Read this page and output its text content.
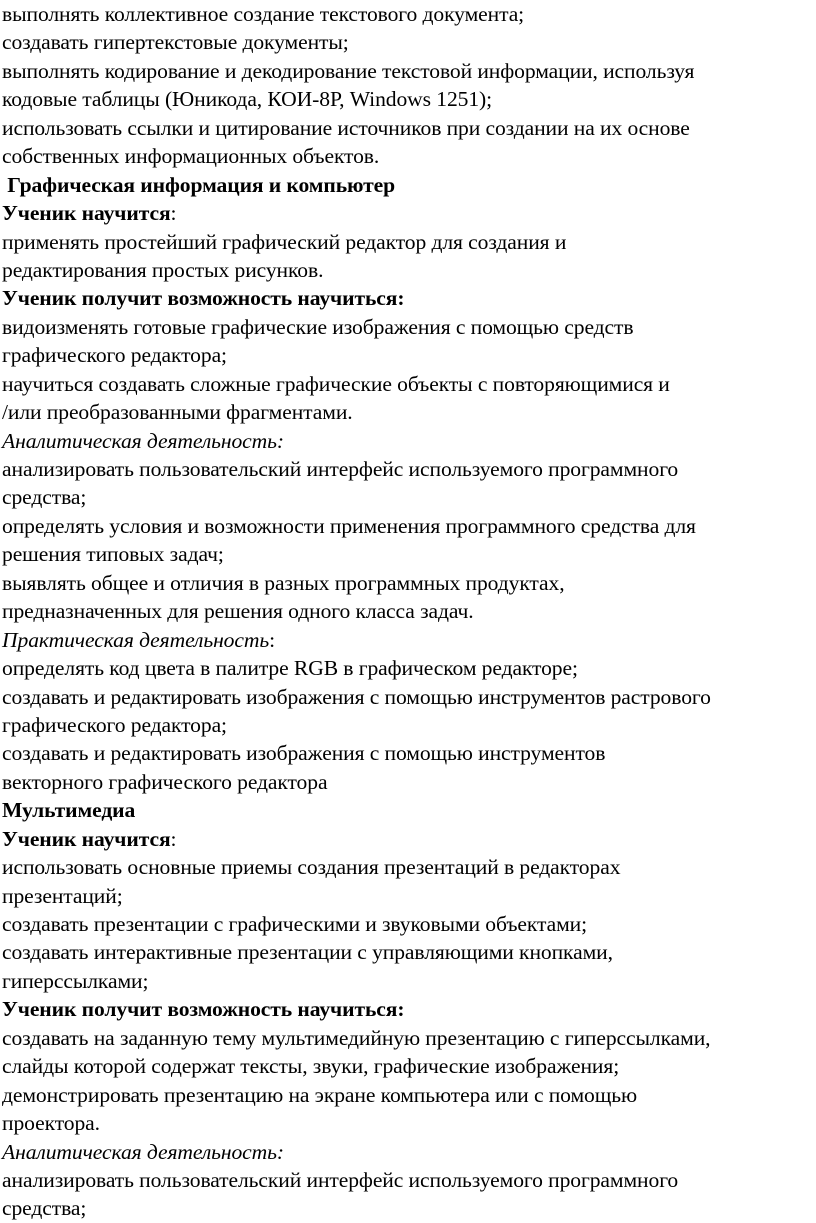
выполнять коллективное создание текстового документа;
создавать гипертекстовые документы;
выполнять кодирование и декодирование текстовой информации, используя
кодовые таблицы (Юникода, КОИ-8Р, Windows 1251);
использовать ссылки и цитирование источников при создании на их основе
собственных информационных объектов.
Графическая информация и компьютер
Ученик научится:
применять простейший графический редактор для создания и
редактирования простых рисунков.
Ученик получит возможность научиться:
видоизменять готовые графические изображения с помощью средств
графического редактора;
научиться создавать сложные графические объекты с повторяющимися и
/или преобразованными фрагментами.
Аналитическая деятельность:
анализировать пользовательский интерфейс используемого программного
средства;
определять условия и возможности применения программного средства для
решения типовых задач;
выявлять общее и отличия в разных программных продуктах,
предназначенных для решения одного класса задач.
Практическая деятельность:
определять код цвета в палитре RGB в графическом редакторе;
создавать и редактировать изображения с помощью инструментов растрового
графического редактора;
создавать и редактировать изображения с помощью инструментов
векторного графического редактора
Мультимедиа
Ученик научится:
использовать основные приемы создания презентаций в редакторах
презентаций;
создавать презентации с графическими и звуковыми объектами;
создавать интерактивные презентации с управляющими кнопками,
гиперссылками;
Ученик получит возможность научиться:
создавать на заданную тему мультимедийную презентацию с гиперссылками,
слайды которой содержат тексты, звуки, графические изображения;
демонстрировать презентацию на экране компьютера или с помощью
проектора.
Аналитическая деятельность:
анализировать пользовательский интерфейс используемого программного
средства;
